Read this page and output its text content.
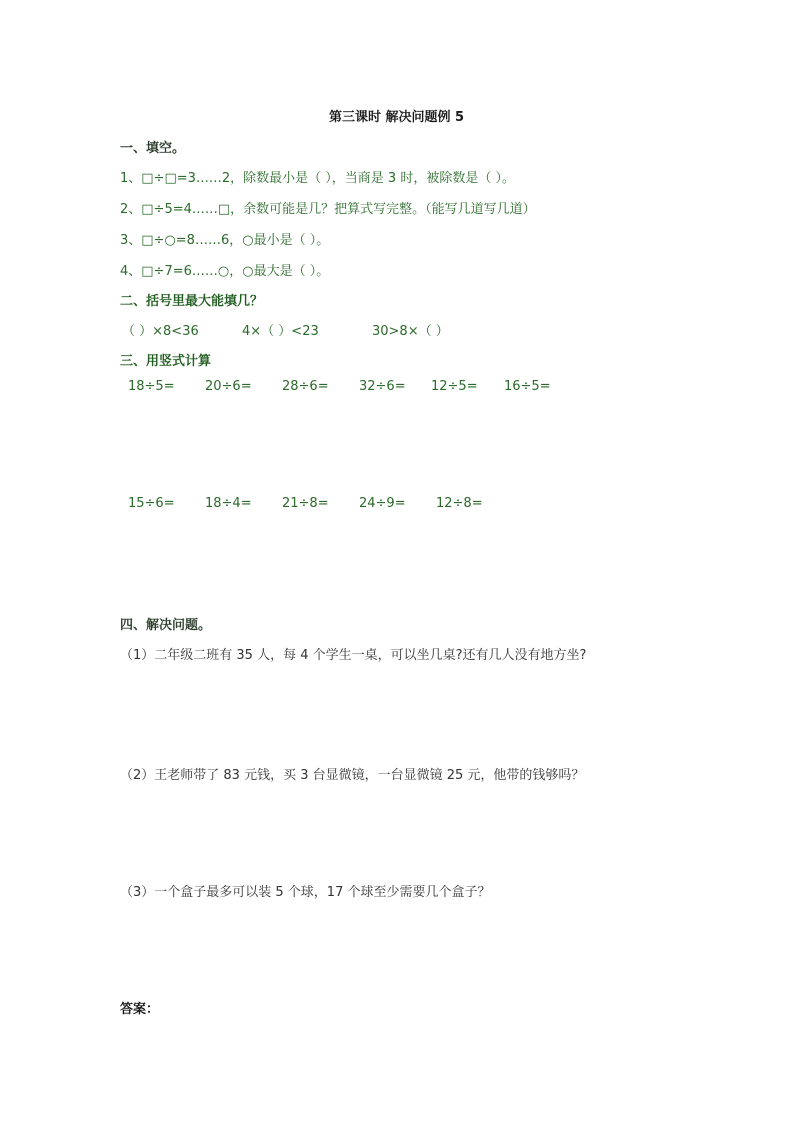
第三课时 解决问题例 5
一、填空。
1、□÷□=3……2，除数最小是（ ），当商是 3 时，被除数是（ ）。
2、□÷5=4……□，余数可能是几？把算式写完整。（能写几道写几道）
3、□÷○=8……6，○最小是（ ）。
4、□÷7=6……○，○最大是（ ）。
二、括号里最大能填几？
（ ）×8<36	4×（ ）<23	30>8×（ ）
三、用竖式计算
18÷5= 20÷6= 28÷6= 32÷6= 12÷5= 16÷5=
15÷6= 18÷4= 21÷8= 24÷9= 12÷8=
四、解决问题。
（1）二年级二班有 35 人，每 4 个学生一桌，可以坐几桌?还有几人没有地方坐?
（2）王老师带了 83 元钱，买 3 台显微镜，一台显微镜 25 元，他带的钱够吗？
（3）一个盒子最多可以装 5 个球，17 个球至少需要几个盒子？
答案：
